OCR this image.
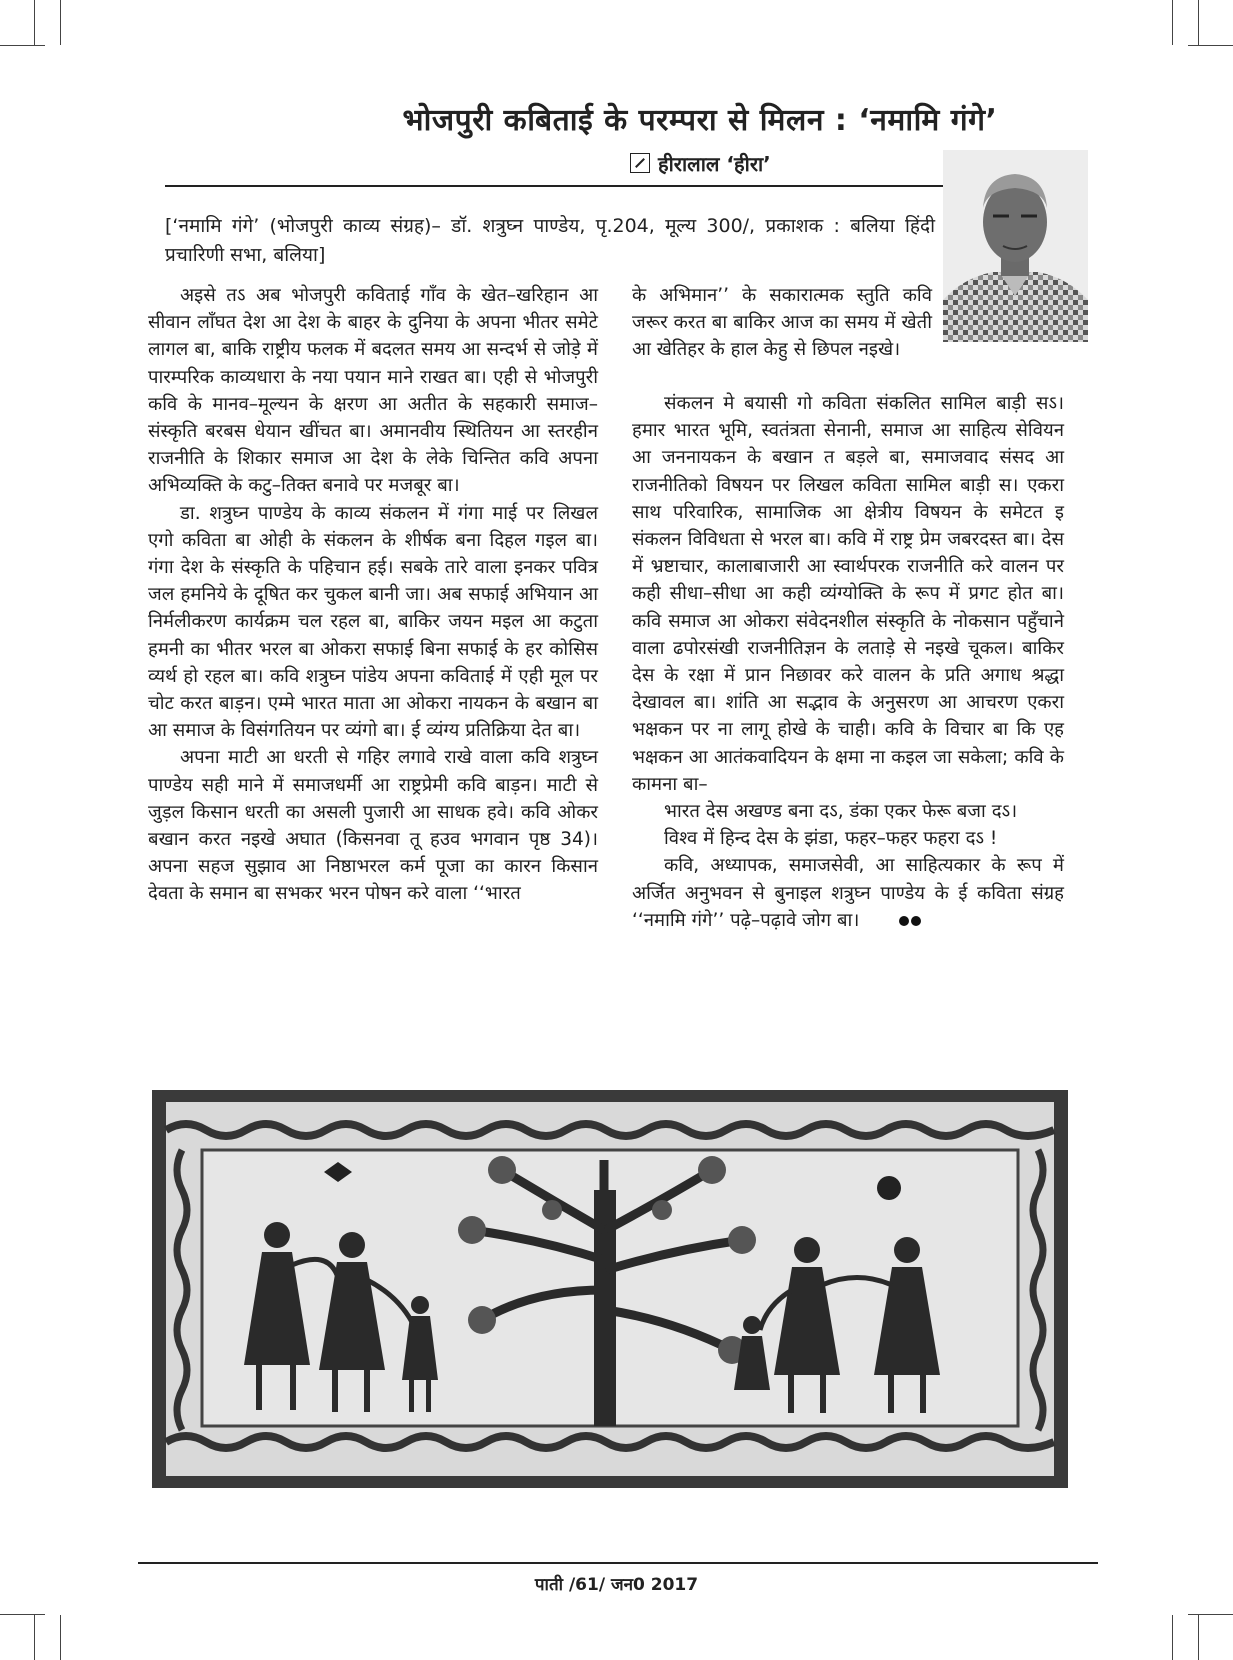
भोजपुरी कबिताई के परम्परा से मिलन : ‘नमामि गंगे’
हीरालाल ‘हीरा’
[‘नमामि गंगे’ (भोजपुरी काव्य संग्रह)– डॉ. शत्रुघ्न पाण्डेय, पृ.204, मूल्य 300/, प्रकाशक : बलिया हिंदी प्रचारिणी सभा, बलिया]

अइसे तऽ अब भोजपुरी कविताई गाँव के खेत–खरिहान आ सीवान लाँघत देश आ देश के बाहर के दुनिया के अपना भीतर समेटे लागल बा, बाकि राष्ट्रीय फलक में बदलत समय आ सन्दर्भ से जोड़े में पारम्परिक काव्यधारा के नया पयान माने राखत बा। एही से भोजपुरी कवि के मानव–मूल्यन के क्षरण आ अतीत के सहकारी समाज–संस्कृति बरबस धेयान खींचत बा। अमानवीय स्थितियन आ स्तरहीन राजनीति के शिकार समाज आ देश के लेके चिन्तित कवि अपना अभिव्यक्ति के कटु–तिक्त बनावे पर मजबूर बा।

डा. शत्रुघ्न पाण्डेय के काव्य संकलन में गंगा माई पर लिखल एगो कविता बा ओही के संकलन के शीर्षक बना दिहल गइल बा। गंगा देश के संस्कृति के पहिचान हई। सबके तारे वाला इनकर पवित्र जल हमनिये के दूषित कर चुकल बानी जा। अब सफाई अभियान आ निर्मलीकरण कार्यक्रम चल रहल बा, बाकिर जयन मइल आ कटुता हमनी का भीतर भरल बा ओकरा सफाई बिना सफाई के हर कोसिस व्यर्थ हो रहल बा। कवि शत्रुघ्न पांडेय अपना कविताई में एही मूल पर चोट करत बाड़न। एम्मे भारत माता आ ओकरा नायकन के बखान बा आ समाज के विसंगतियन पर व्यंगो बा। ई व्यंग्य प्रतिक्रिया देत बा।

अपना माटी आ धरती से गहिर लगावे राखे वाला कवि शत्रुघ्न पाण्डेय सही माने में समाजधर्मी आ राष्ट्रप्रेमी कवि बाड़न। माटी से जुड़ल किसान धरती का असली पुजारी आ साधक हवे। कवि ओकर बखान करत नइखे अघात (किसनवा तू हउव भगवान पृष्ठ 34)। अपना सहज सुझाव आ निष्ठाभरल कर्म पूजा का कारन किसान देवता के समान बा सभकर भरन पोषन करे वाला ‘‘भारत

के अभिमान’’ के सकारात्मक स्तुति कवि जरूर करत बा बाकिर आज का समय में खेती आ खेतिहर के हाल केहु से छिपल नइखे।

संकलन मे बयासी गो कविता संकलित सामिल बाड़ी सऽ। हमार भारत भूमि, स्वतंत्रता सेनानी, समाज आ साहित्य सेवियन आ जननायकन के बखान त बड़ले बा, समाजवाद संसद आ राजनीतिको विषयन पर लिखल कविता सामिल बाड़ी स। एकरा साथ परिवारिक, सामाजिक आ क्षेत्रीय विषयन के समेटत इ संकलन विविधता से भरल बा। कवि में राष्ट्र प्रेम जबरदस्त बा। देस में भ्रष्टाचार, कालाबाजारी आ स्वार्थपरक राजनीति करे वालन पर कही सीधा–सीधा आ कही व्यंग्योक्ति के रूप में प्रगट होत बा। कवि समाज आ ओकरा संवेदनशील संस्कृति के नोकसान पहुँचाने वाला ढपोरसंखी राजनीतिज्ञन के लताड़े से नइखे चूकल। बाकिर देस के रक्षा में प्रान निछावर करे वालन के प्रति अगाध श्रद्धा देखावल बा। शांति आ सद्भाव के अनुसरण आ आचरण एकरा भक्षकन पर ना लागू होखे के चाही। कवि के विचार बा कि एह भक्षकन आ आतंकवादियन के क्षमा ना कइल जा सकेला; कवि के कामना बा–

भारत देस अखण्ड बना दऽ, डंका एकर फेरू बजा दऽ।

विश्व में हिन्द देस के झंडा, फहर–फहर फहरा दऽ !

कवि, अध्यापक, समाजसेवी, आ साहित्यकार के रूप में अर्जित अनुभवन से बुनाइल शत्रुघ्न पाण्डेय के ई कविता संग्रह ‘‘नमामि गंगे’’ पढ़े–पढ़ावे जोग बा।

पाती /61/ जन0 2017
